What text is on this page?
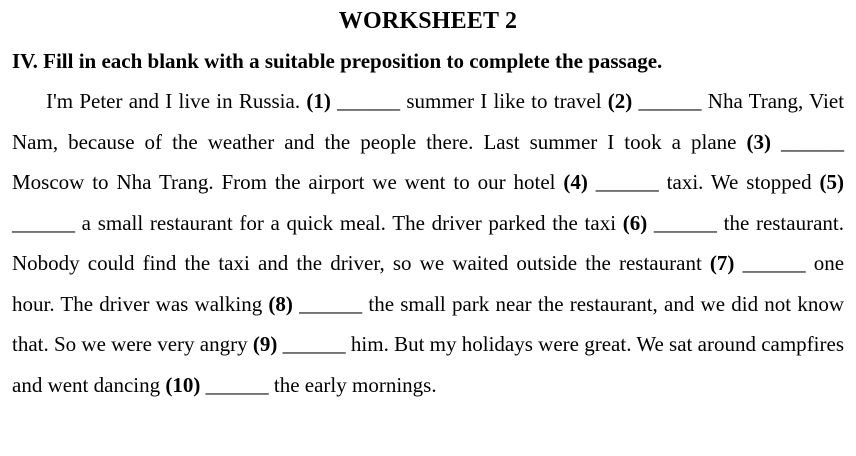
WORKSHEET 2

IV. Fill in each blank with a suitable preposition to complete the passage.

I'm Peter and I live in Russia. (1) ______ summer I like to travel (2) ______ Nha Trang, Viet Nam, because of the weather and the people there. Last summer I took a plane (3) ______ Moscow to Nha Trang. From the airport we went to our hotel (4) ______ taxi. We stopped (5) ______ a small restaurant for a quick meal. The driver parked the taxi (6) ______ the restaurant. Nobody could find the taxi and the driver, so we waited outside the restaurant (7) ______ one hour. The driver was walking (8) ______ the small park near the restaurant, and we did not know that. So we were very angry (9) ______ him. But my holidays were great. We sat around campfires and went dancing (10) ______ the early mornings.
